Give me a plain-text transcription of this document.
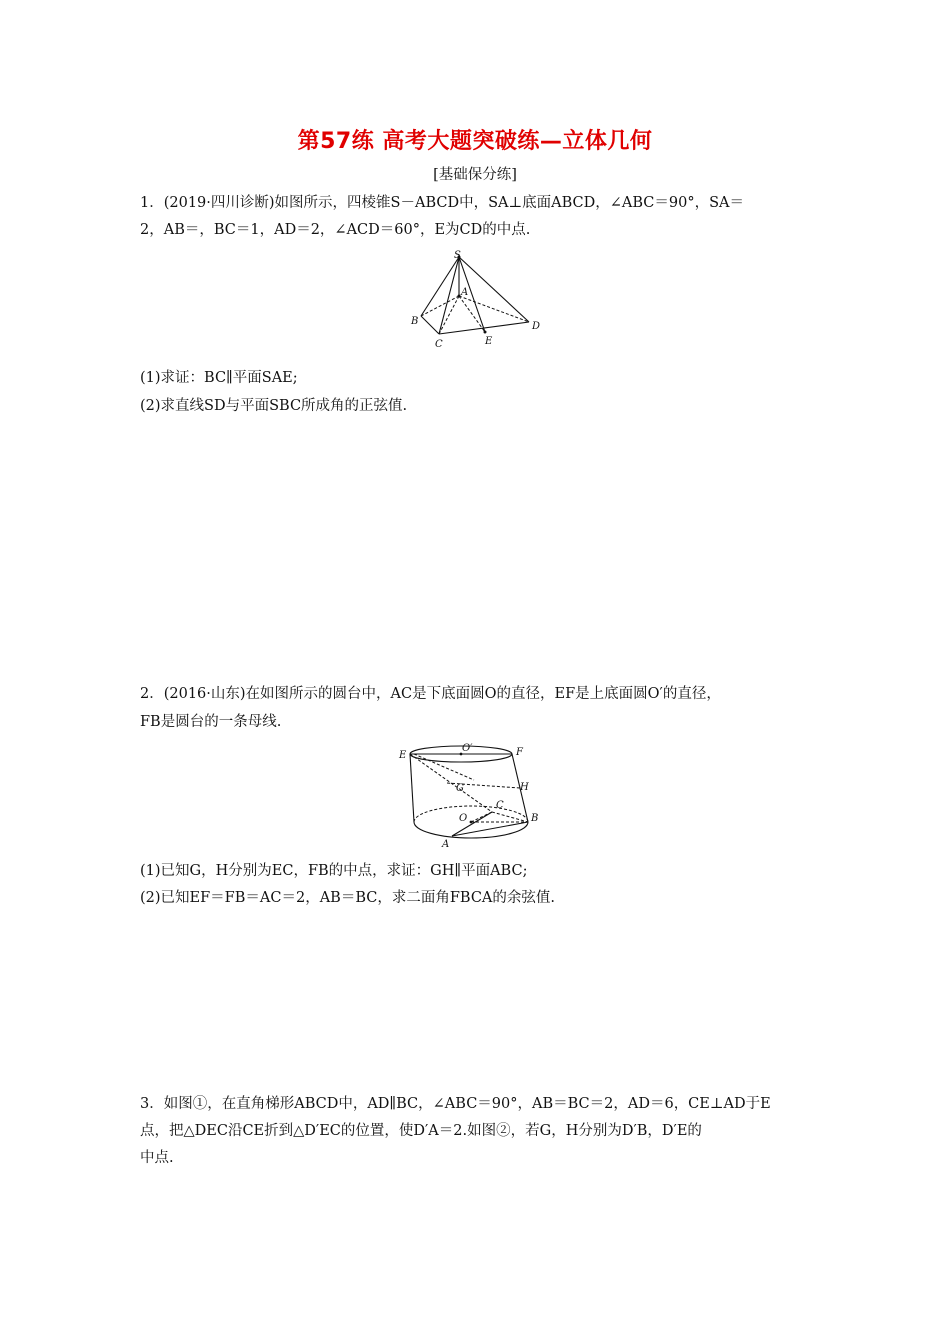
第57练 高考大题突破练—立体几何
[基础保分练]

1．(2019·四川诊断)如图所示，四棱锥S－ABCD中，SA⊥底面ABCD，∠ABC＝90°，SA＝

2，AB＝，BC＝1，AD＝2，∠ACD＝60°，E为CD的中点.

S
A
B
C	E
D

(1)求证：BC∥平面SAE;

(2)求直线SD与平面SBC所成角的正弦值.

2．(2016·山东)在如图所示的圆台中，AC是下底面圆O的直径，EF是上底面圆O′的直径，

FB是圆台的一条母线.

E
O′	F
G	H
C
O	B
A

(1)已知G，H分别为EC，FB的中点，求证：GH∥平面ABC;

(2)已知EF＝FB＝AC＝2，AB＝BC，求二面角FBCA的余弦值.

3．如图①，在直角梯形ABCD中，AD∥BC，∠ABC＝90°，AB＝BC＝2，AD＝6，CE⊥AD于E

点，把△DEC沿CE折到△D′EC的位置，使D′A＝2.如图②，若G，H分别为D′B，D′E的

中点.
